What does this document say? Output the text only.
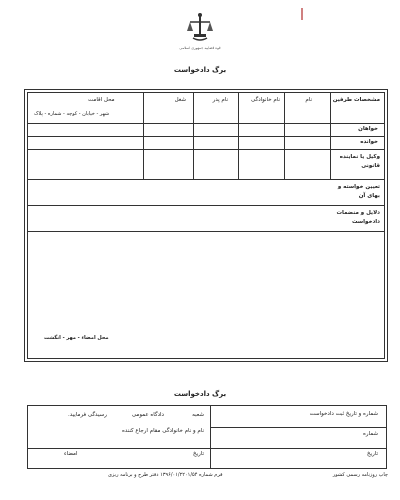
قوه قضاییه جمهوری اسلامی
برگ دادخواست
مشخصات طرفین
نام
نام خانوادگی
نام پدر
شغل
محل اقامت
شهر - خیابان - کوچه - شماره - پلاک
خواهان
خوانده
وکیل یا نماینده قانونی
تعیین خواسته و بهای آن
دلایل و منضمات دادخواست
محل امضاء - مهر - انگشت
برگ دادخواست
شماره و تاریخ ثبت دادخواست
شماره
تاریخ
شعبه
دادگاه عمومی
رسیدگی فرمایید.
نام و نام خانوادگی مقام ارجاع کننده
تاریخ
امضاء
چاپ روزنامه رسمی کشور
فرم شماره ۱۳۹۶/۰۱/۲۲۰۱/۵۴ دفتر طرح و برنامه ریزی
